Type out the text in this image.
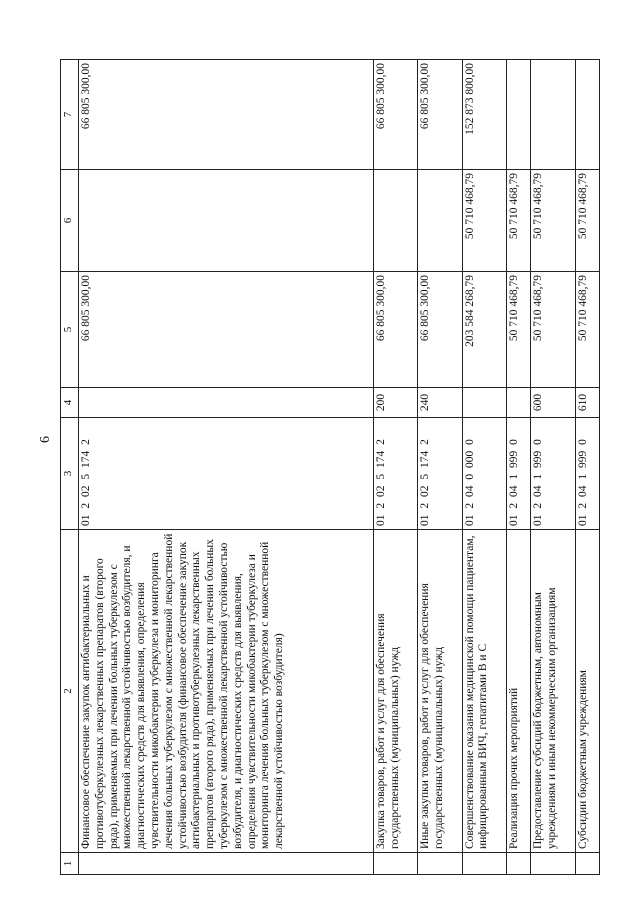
6
1	2	3	4	5	6	7
	Финансовое обеспечение закупок антибактериальных и противотуберкулезных лекарственных препаратов (второго ряда), применяемых при лечении больных туберкулезом с множественной лекарственной устойчивостью возбудителя, и диагностических средств для выявления, определения чувствительности микобактерии туберкулеза и мониторинга лечения больных туберкулезом с множественной лекарственной устойчивостью возбудителя (финансовое обеспечение закупок антибактериальных и противотуберкулезных лекарственных препаратов (второго ряда), применяемых при лечении больных туберкулезом с множественной лекарственной устойчивостью возбудителя, и диагностических средств для выявления, определения чувствительности микобактерии туберкулеза и мониторинга лечения больных туберкулезом с множественной лекарственной устойчивостью возбудителя)	01 2 02 5 174 2		66 805 300,00		66 805 300,00
	Закупка товаров, работ и услуг для обеспечения государственных (муниципальных) нужд	01 2 02 5 174 2	200	66 805 300,00		66 805 300,00
	Иные закупки товаров, работ и услуг для обеспечения государственных (муниципальных) нужд	01 2 02 5 174 2	240	66 805 300,00		66 805 300,00
	Совершенствование оказания медицинской помощи пациентам, инфицированным ВИЧ, гепатитами В и С	01 2 04 0 000 0		203 584 268,79	50 710 468,79	152 873 800,00
	Реализация прочих мероприятий	01 2 04 1 999 0		50 710 468,79	50 710 468,79	
	Предоставление субсидий бюджетным, автономным учреждениям и иным некоммерческим организациям	01 2 04 1 999 0	600	50 710 468,79	50 710 468,79	
	Субсидии бюджетным учреждениям	01 2 04 1 999 0	610	50 710 468,79	50 710 468,79	
